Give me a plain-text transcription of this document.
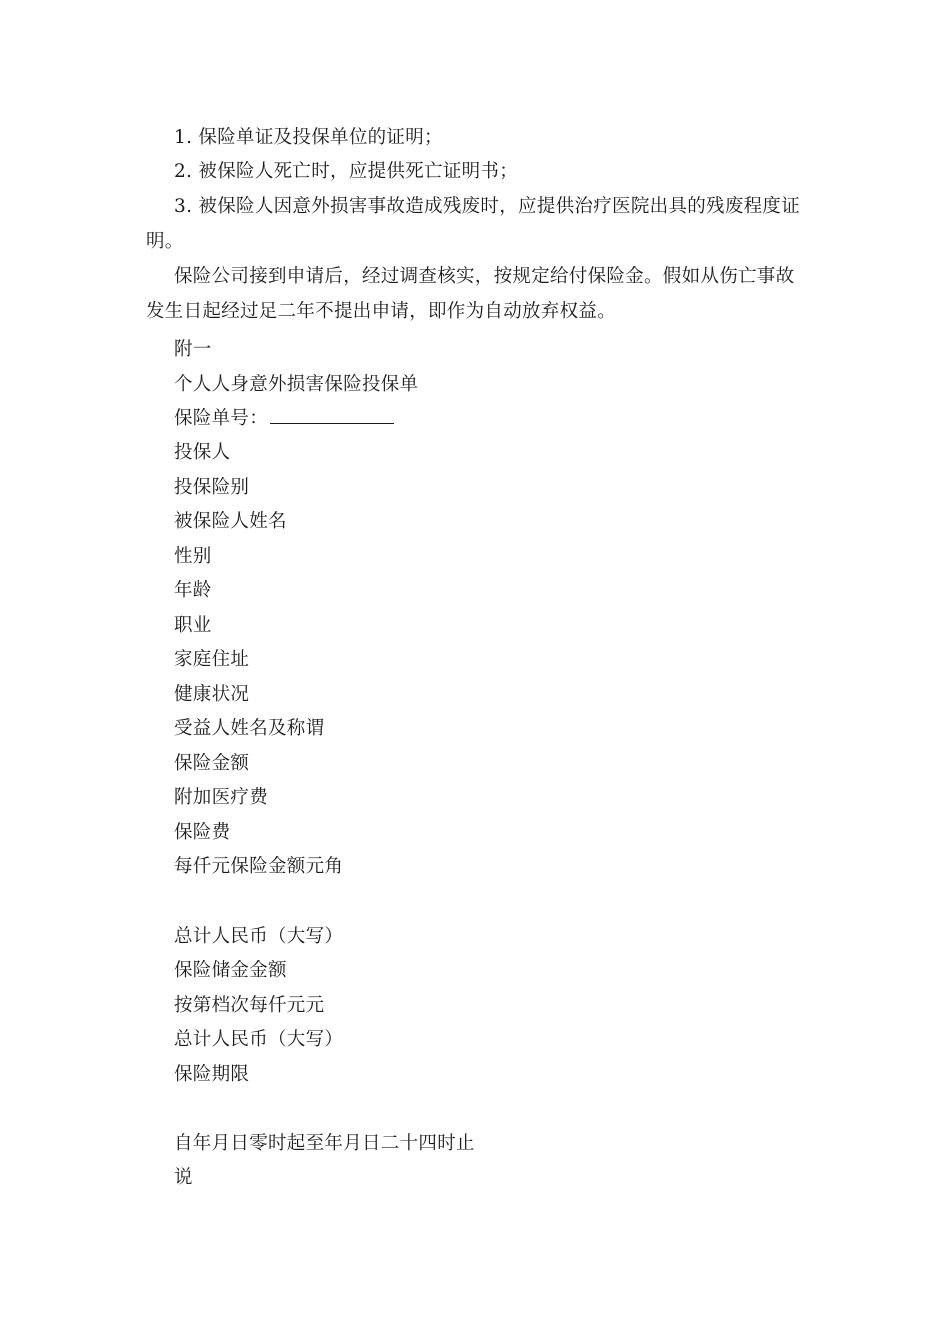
1. 保险单证及投保单位的证明；
2. 被保险人死亡时，应提供死亡证明书；
3. 被保险人因意外损害事故造成残废时，应提供治疗医院出具的残废程度证
明。
保险公司接到申请后，经过调查核实，按规定给付保险金。假如从伤亡事故
发生日起经过足二年不提出申请，即作为自动放弃权益。
附一
个人人身意外损害保险投保单
保险单号：
投保人
投保险别
被保险人姓名
性别
年龄
职业
家庭住址
健康状况
受益人姓名及称谓
保险金额
附加医疗费
保险费
每仟元保险金额元角
总计人民币（大写）
保险储金金额
按第档次每仟元元
总计人民币（大写）
保险期限
自年月日零时起至年月日二十四时止
说
